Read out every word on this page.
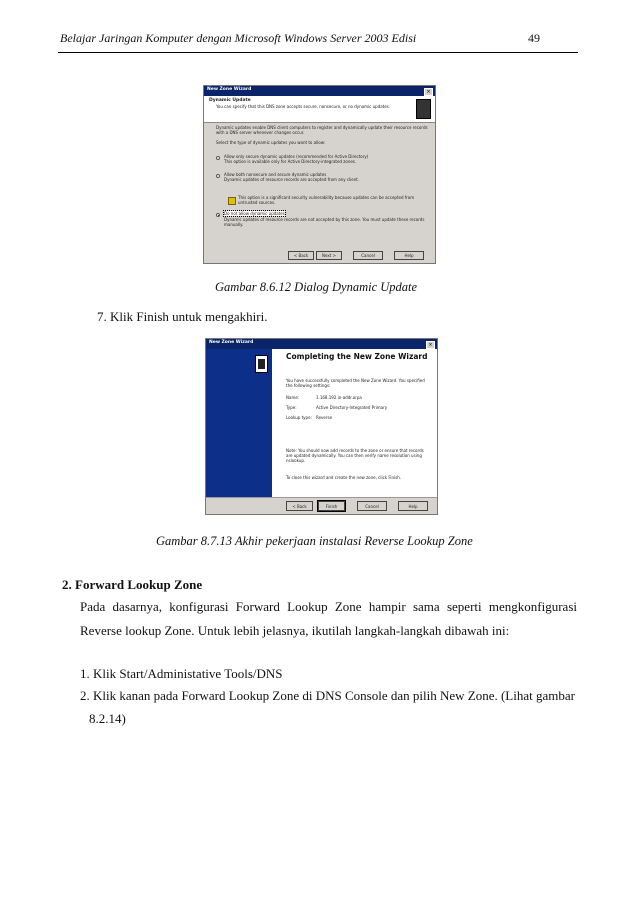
Belajar Jaringan Komputer dengan Microsoft Windows Server 2003 Edisi	49
New Zone Wizard	×
Dynamic Update
You can specify that this DNS zone accepts secure, nonsecure, or no dynamic updates.
Dynamic updates enable DNS client computers to register and dynamically update their resource records with a DNS server whenever changes occur.
Select the type of dynamic updates you want to allow:
Allow only secure dynamic updates (recommended for Active Directory)
This option is available only for Active Directory-integrated zones.
Allow both nonsecure and secure dynamic updates
Dynamic updates of resource records are accepted from any client.
This option is a significant security vulnerability because updates can be accepted from untrusted sources.
Do not allow dynamic updates
Dynamic updates of resource records are not accepted by this zone. You must update these records manually.
< Back	Next >	Cancel	Help
Gambar 8.6.12 Dialog Dynamic Update
7. Klik Finish untuk mengakhiri.
New Zone Wizard	×
Completing the New Zone Wizard
You have successfully completed the New Zone Wizard. You specified the following settings:
Name:	1.168.192.in-addr.arpa
Type:	Active Directory-Integrated Primary
Lookup type: Reverse
Note: You should now add records to the zone or ensure that records are updated dynamically. You can then verify name resolution using nslookup.
To close this wizard and create the new zone, click Finish.
< Back	Finish	Cancel	Help
Gambar 8.7.13 Akhir pekerjaan instalasi Reverse Lookup Zone
2. Forward Lookup Zone
Pada dasarnya, konfigurasi Forward Lookup Zone hampir sama seperti mengkonfigurasi
Reverse lookup Zone. Untuk lebih jelasnya, ikutilah langkah-langkah dibawah ini:
1. Klik Start/Administative Tools/DNS
2. Klik kanan pada Forward Lookup Zone di DNS Console dan pilih New Zone. (Lihat gambar
8.2.14)
